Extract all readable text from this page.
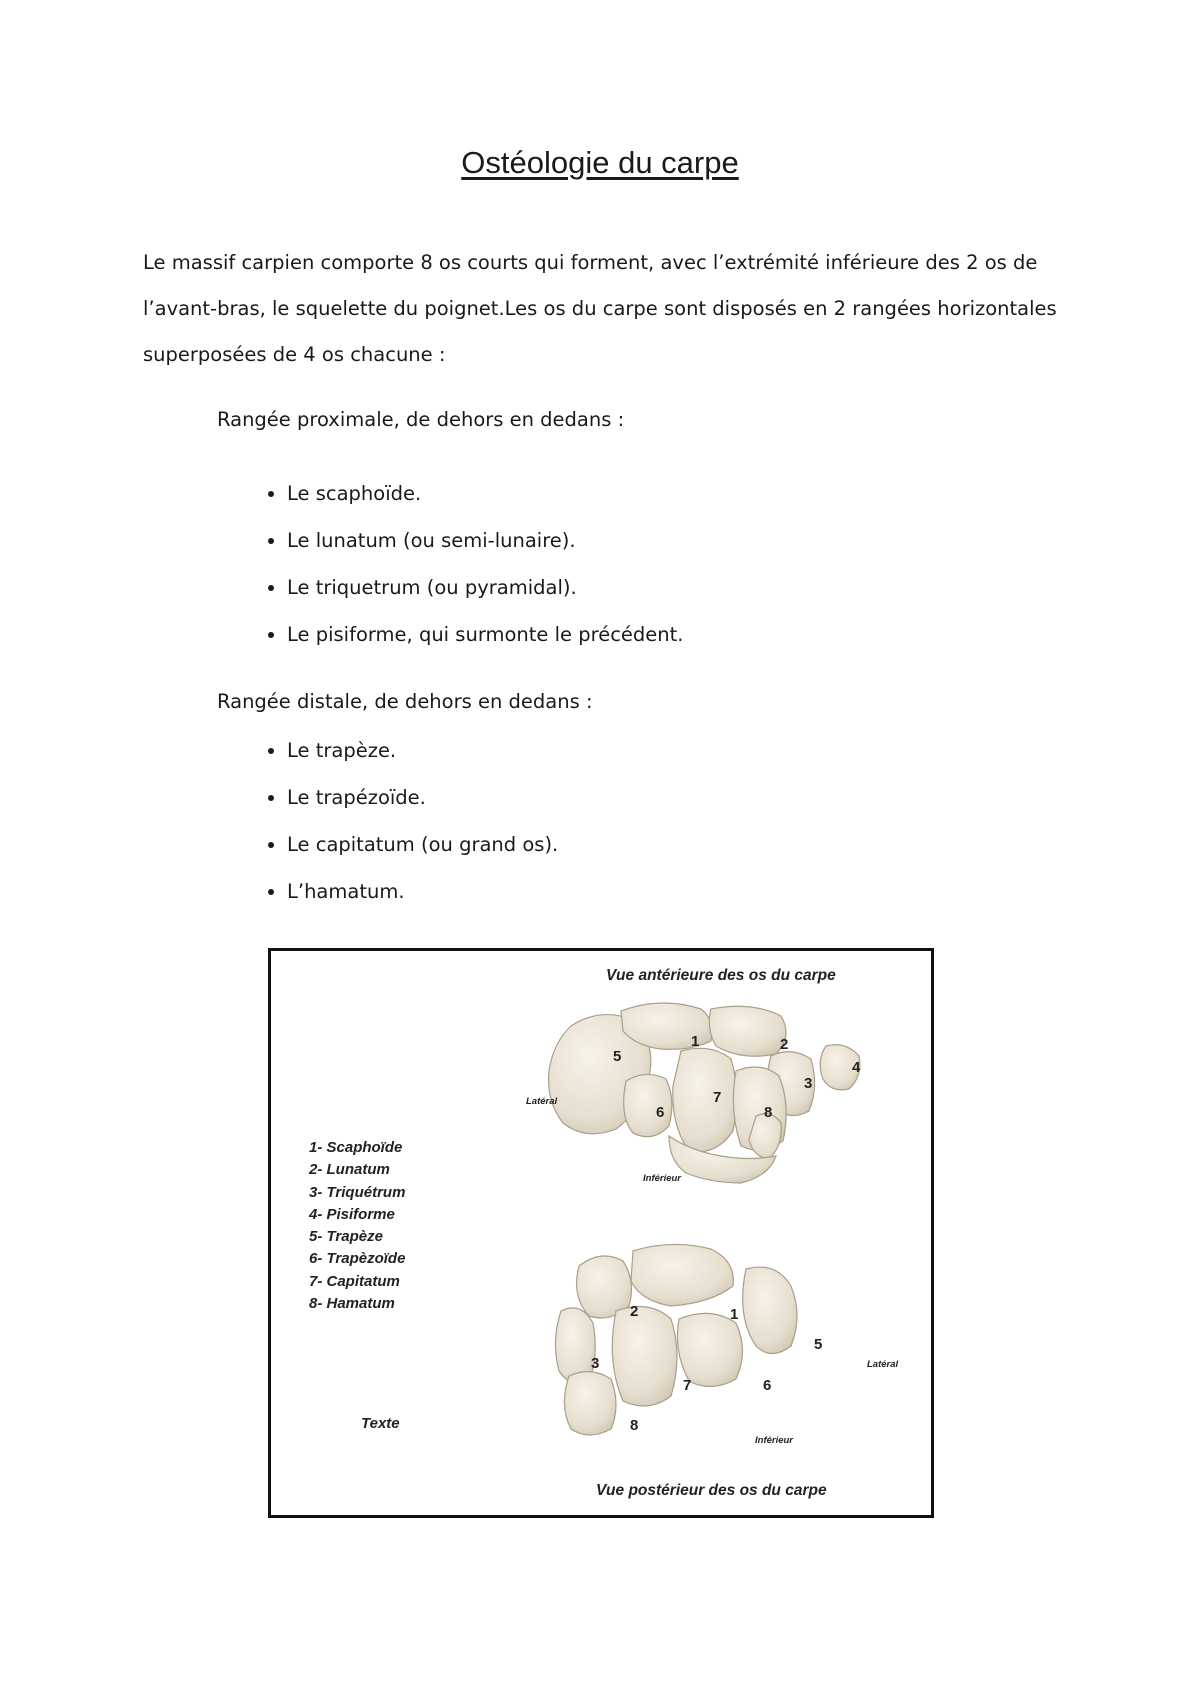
Ostéologie du carpe

Le massif carpien comporte 8 os courts qui forment, avec l’extrémité inférieure des 2 os de l’avant-bras, le squelette du poignet.Les os du carpe sont disposés en 2 rangées horizontales superposées de 4 os chacune :

Rangée proximale, de dehors en dedans :

• Le scaphoïde.
• Le lunatum (ou semi-lunaire).
• Le triquetrum (ou pyramidal).
• Le pisiforme, qui surmonte le précédent.

Rangée distale, de dehors en dedans :

• Le trapèze.
• Le trapézoïde.
• Le capitatum (ou grand os).
• L’hamatum.
Vue antérieure des os du carpe
Vue postérieur des os du carpe
Latéral
Inférieur
Latéral
Inférieur
5
1	2
4
3
6
7
8
2	1
5
3
7	6
8
1- Scaphoïde
2- Lunatum
3- Triquétrum
4- Pisiforme
5- Trapèze
6- Trapèzoïde
7- Capitatum
8- Hamatum
Texte
